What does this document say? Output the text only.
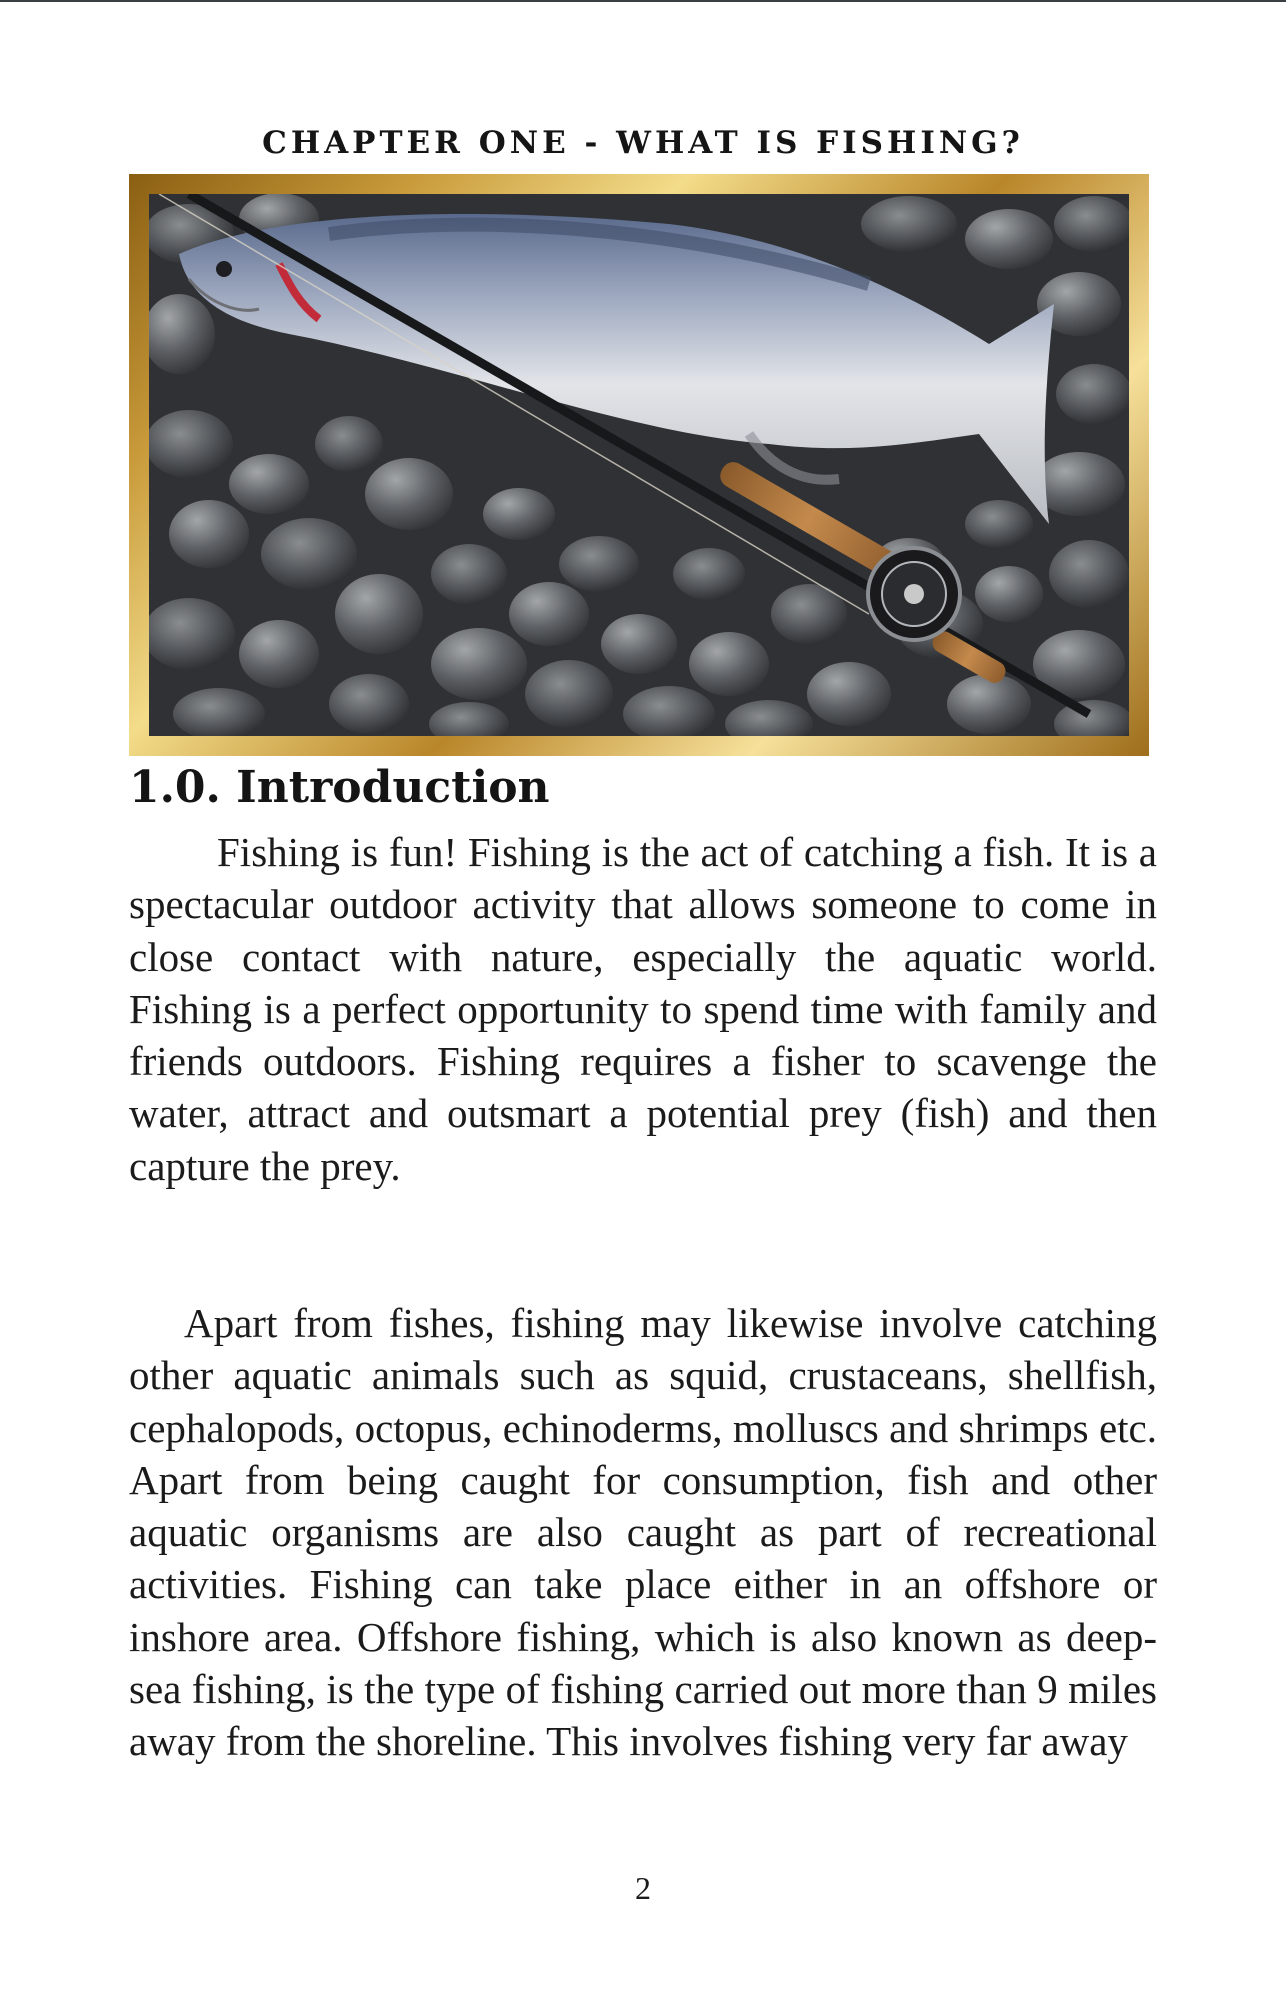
CHAPTER ONE - WHAT IS FISHING?
1.0. Introduction

Fishing is fun! Fishing is the act of catching a fish. It is a spectacular outdoor activity that allows someone to come in close contact with nature, especially the aquatic world. Fishing is a perfect opportunity to spend time with family and friends outdoors. Fishing requires a fisher to scavenge the water, attract and outsmart a potential prey (fish) and then capture the prey.

Apart from fishes, fishing may likewise involve catching other aquatic animals such as squid, crustaceans, shellfish, cephalopods, octopus, echinoderms, molluscs and shrimps etc. Apart from being caught for consumption, fish and other aquatic organisms are also caught as part of recreational activities. Fishing can take place either in an offshore or inshore area. Offshore fishing, which is also known as deep-sea fishing, is the type of fishing carried out more than 9 miles away from the shoreline. This involves fishing very far away

2
